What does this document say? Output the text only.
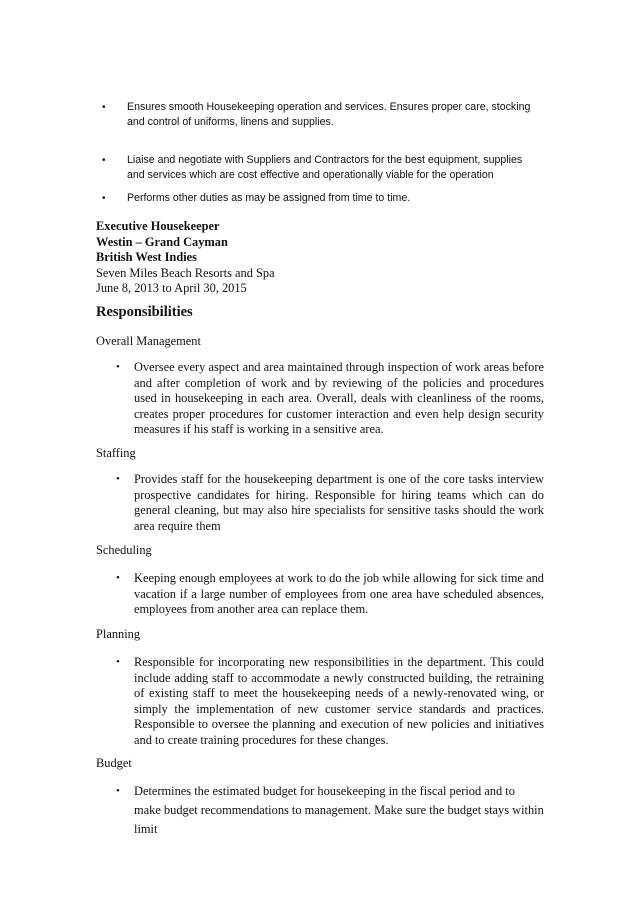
• Ensures smooth Housekeeping operation and services. Ensures proper care, stocking and control of uniforms, linens and supplies.
• Liaise and negotiate with Suppliers and Contractors for the best equipment, supplies and services which are cost effective and operationally viable for the operation
• Performs other duties as may be assigned from time to time.
Executive Housekeeper
Westin – Grand Cayman
British West Indies
Seven Miles Beach Resorts and Spa
June 8, 2013 to April 30, 2015
Responsibilities
Overall Management
• Oversee every aspect and area maintained through inspection of work areas before and after completion of work and by reviewing of the policies and procedures used in housekeeping in each area. Overall, deals with cleanliness of the rooms, creates proper procedures for customer interaction and even help design security measures if his staff is working in a sensitive area.
Staffing
• Provides staff for the housekeeping department is one of the core tasks interview prospective candidates for hiring. Responsible for hiring teams which can do general cleaning, but may also hire specialists for sensitive tasks should the work area require them
Scheduling
• Keeping enough employees at work to do the job while allowing for sick time and vacation if a large number of employees from one area have scheduled absences, employees from another area can replace them.
Planning
• Responsible for incorporating new responsibilities in the department. This could include adding staff to accommodate a newly constructed building, the retraining of existing staff to meet the housekeeping needs of a newly-renovated wing, or simply the implementation of new customer service standards and practices. Responsible to oversee the planning and execution of new policies and initiatives and to create training procedures for these changes.
Budget
• Determines the estimated budget for housekeeping in the fiscal period and to make budget recommendations to management. Make sure the budget stays within limit
